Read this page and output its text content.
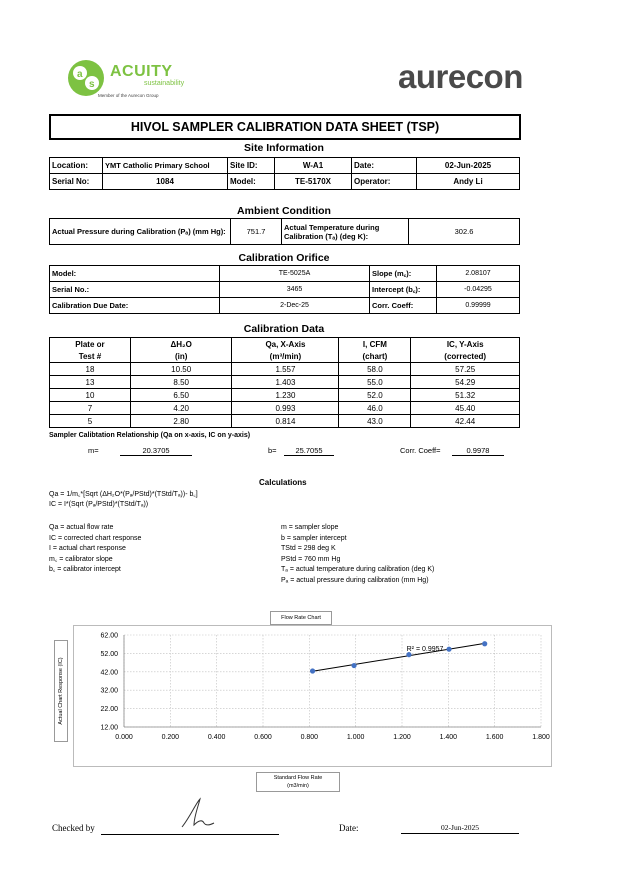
a
s
ACUITY
sustainability
Member of the Aurecon Group
aurecon
HIVOL SAMPLER CALIBRATION DATA SHEET (TSP)
Site Information
Location:	YMT Catholic Primary School	Site ID:	W-A1	Date:	02-Jun-2025
Serial No:	1084	Model:	TE-5170X	Operator:	Andy Li
Ambient Condition
Actual Pressure during Calibration (Pₐ) (mm Hg):	751.7	Actual Temperature during Calibration (Tₐ) (deg K):	302.6
Calibration Orifice
Model:	TE-5025A	Slope (m꜀):	2.08107
Serial No.:	3465	Intercept (b꜀):	-0.04295
Calibration Due Date:	2-Dec-25	Corr. Coeff:	0.99999
Calibration Data
Plate or	ΔH₂O	Qa, X-Axis	I, CFM	IC, Y-Axis
Test #	(in)	(m³/min)	(chart)	(corrected)
18	10.50	1.557	58.0	57.25
13	8.50	1.403	55.0	54.29
10	6.50	1.230	52.0	51.32
7	4.20	0.993	46.0	45.40
5	2.80	0.814	43.0	42.44
Sampler Calibtation Relationship (Qa on x-axis, IC on y-axis)
m=	20.3705	b=	25.7055	Corr. Coeff=	0.9978
Calculations
Qa = 1/m꜀*[Sqrt (ΔH₂O*(Pₐ/PStd)*(TStd/Tₐ))- b꜀]
IC = I*(Sqrt (Pₐ/PStd)*(TStd/Tₐ))
Qa = actual flow rate
IC = corrected chart response
I = actual chart response
m꜀ = calibrator slope
b꜀ = calibrator intercept
m = sampler slope
b = sampler intercept
TStd = 298 deg K
PStd = 760 mm Hg
Tₐ = actual temperature during calibration (deg K)
Pₐ = actual pressure during calibration (mm Hg)
Flow Rate Chart
12.00
22.00
32.00
42.00
52.00
62.00
0.000	0.200	0.400	0.600	0.800	1.000	1.200	1.400	1.600	1.800
R² = 0.9957
Standard Flow Rate (m3/min)
Actual Chart Response (IC)
Checked by	Date:	02-Jun-2025
